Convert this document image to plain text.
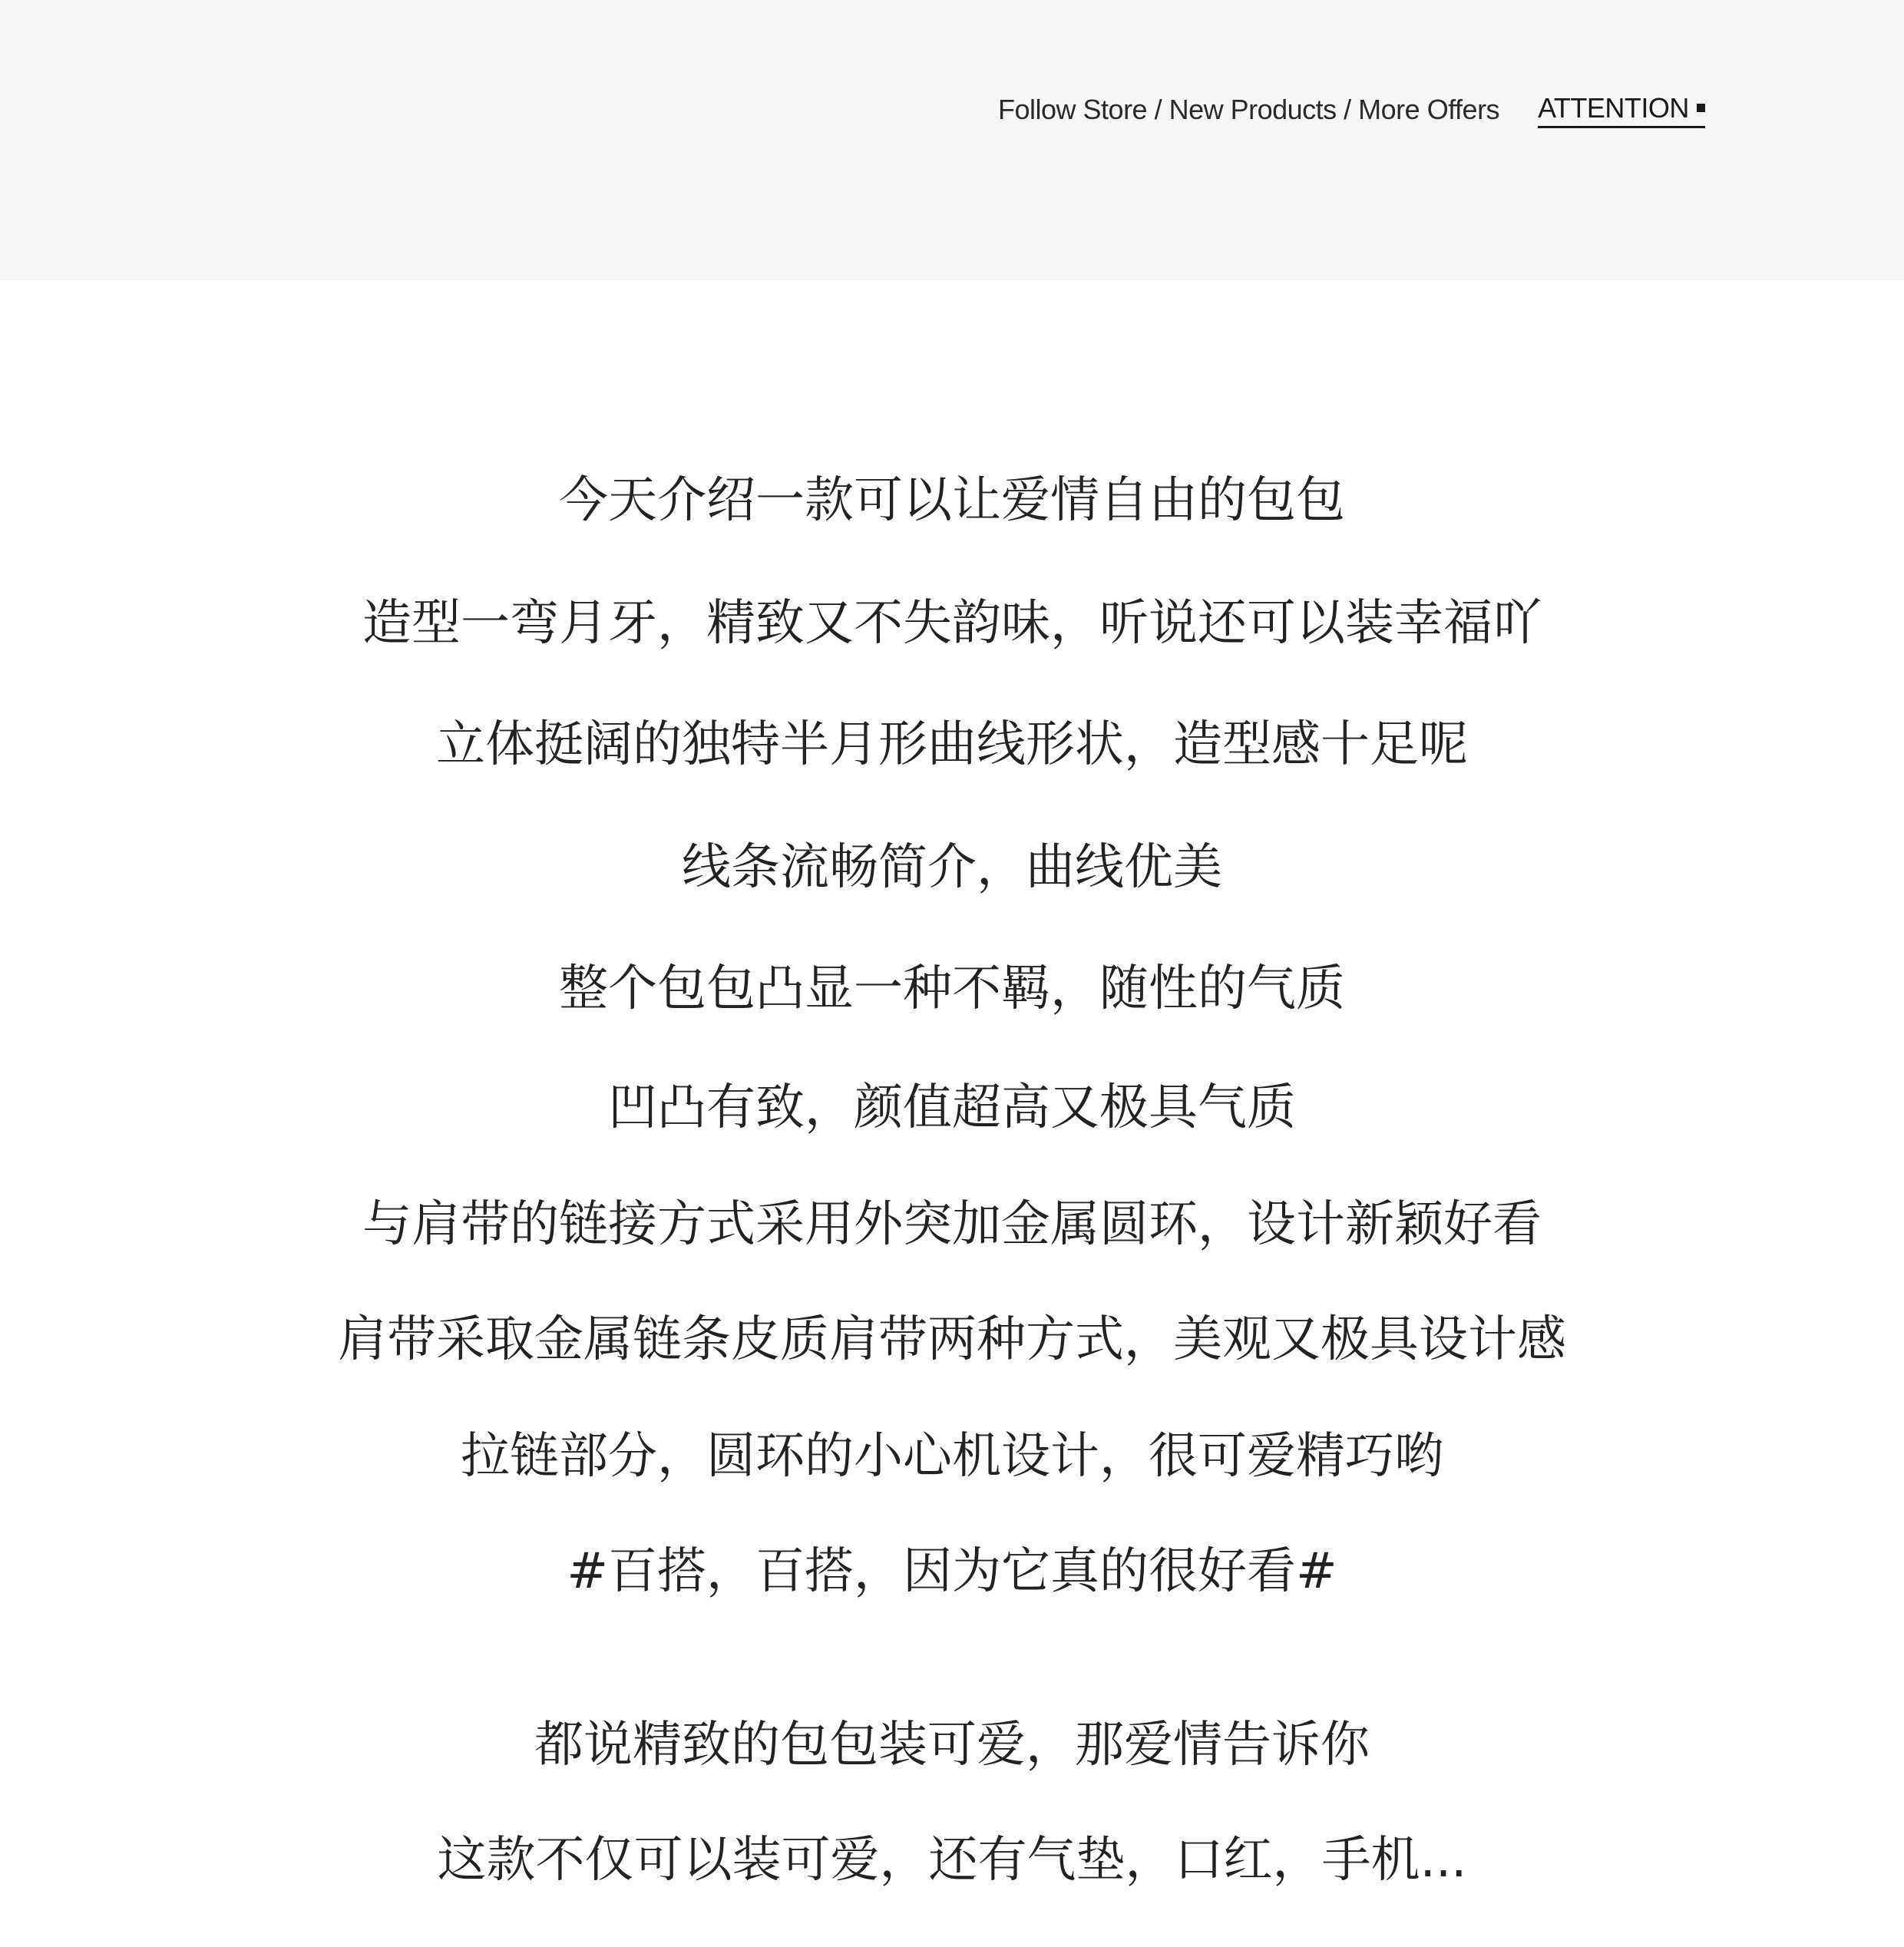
Follow Store / New Products / More Offers ATTENTION
今天介绍一款可以让爱情自由的包包
造型一弯月牙，精致又不失韵味，听说还可以装幸福吖
立体挺阔的独特半月形曲线形状，造型感十足呢
线条流畅简介，曲线优美
整个包包凸显一种不羁，随性的气质
凹凸有致，颜值超高又极具气质
与肩带的链接方式采用外突加金属圆环，设计新颖好看
肩带采取金属链条皮质肩带两种方式，美观又极具设计感
拉链部分，圆环的小心机设计，很可爱精巧哟
#百搭，百搭，因为它真的很好看#
都说精致的包包装可爱，那爱情告诉你
这款不仅可以装可爱，还有气垫，口红，手机...
